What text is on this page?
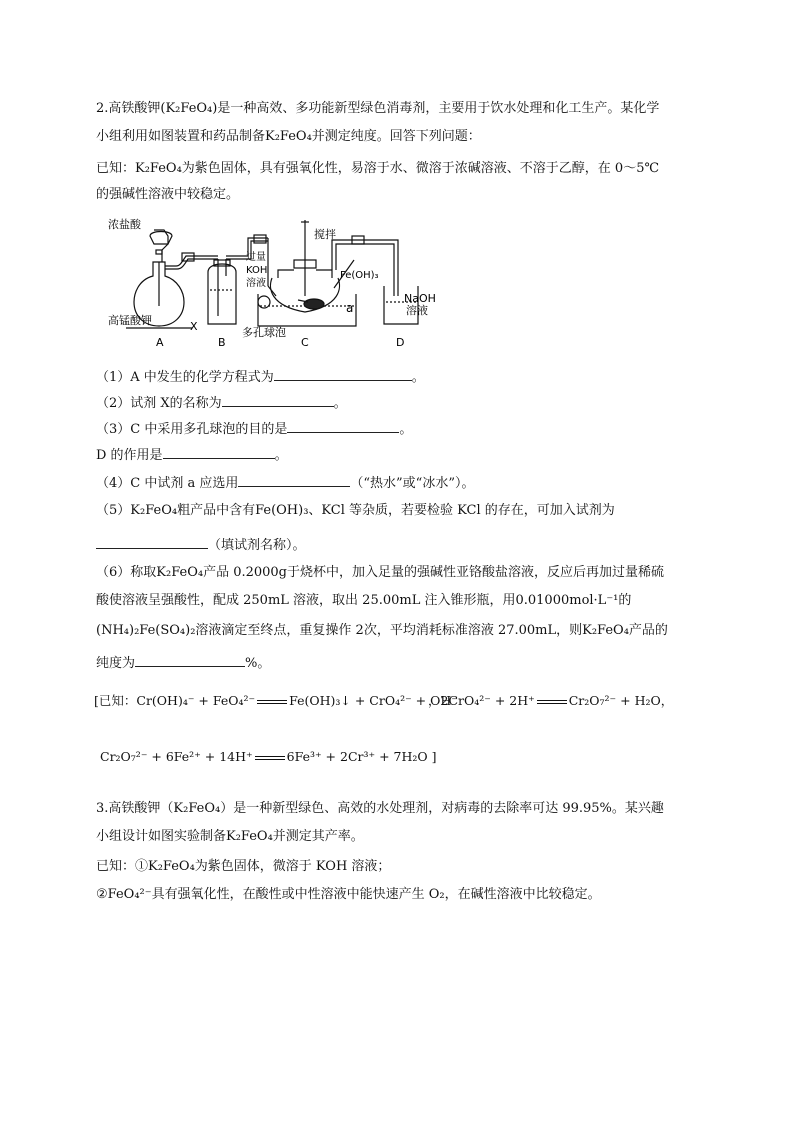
2.高铁酸钾(K₂FeO₄)是一种高效、多功能新型绿色消毒剂，主要用于饮水处理和化工生产。某化学
小组利用如图装置和药品制备K₂FeO₄并测定纯度。回答下列问题：
已知：K₂FeO₄为紫色固体，具有强氧化性，易溶于水、微溶于浓碱溶液、不溶于乙醇，在 0～5℃
的强碱性溶液中较稳定。
浓盐酸
高锰酸钾	X
搅拌
过量
KOH
溶液
Fe(OH)₃
a
多孔球泡
NaOH
溶液
A	B	C	D
（1）A 中发生的化学方程式为	。
（2）试剂 X的名称为	。
（3）C 中采用多孔球泡的目的是	。
D 的作用是	。
（4）C 中试剂 a 应选用	（“热水”或“冰水”）。
（5）K₂FeO₄粗产品中含有Fe(OH)₃、KCl 等杂质，若要检验 KCl 的存在，可加入试剂为
（填试剂名称）。
（6）称取K₂FeO₄产品 0.2000g于烧杯中，加入足量的强碱性亚铬酸盐溶液，反应后再加过量稀硫
酸使溶液呈强酸性，配成 250mL 溶液，取出 25.00mL 注入锥形瓶，用0.01000mol·L⁻¹的
(NH₄)₂Fe(SO₄)₂溶液滴定至终点，重复操作 2次，平均消耗标准溶液 27.00mL，则K₂FeO₄产品的
纯度为	%。
[已知：Cr(OH)₄⁻ + FeO₄²⁻	Fe(OH)₃↓ + CrO₄²⁻ + OH⁻
，2CrO₄²⁻ + 2H⁺	Cr₂O₇²⁻ + H₂O，
Cr₂O₇²⁻ + 6Fe²⁺ + 14H⁺	6Fe³⁺ + 2Cr³⁺ + 7H₂O ]
3.高铁酸钾（K₂FeO₄）是一种新型绿色、高效的水处理剂，对病毒的去除率可达 99.95%。某兴趣
小组设计如图实验制备K₂FeO₄并测定其产率。
已知：①K₂FeO₄为紫色固体，微溶于 KOH 溶液；
②FeO₄²⁻具有强氧化性，在酸性或中性溶液中能快速产生 O₂，在碱性溶液中比较稳定。
